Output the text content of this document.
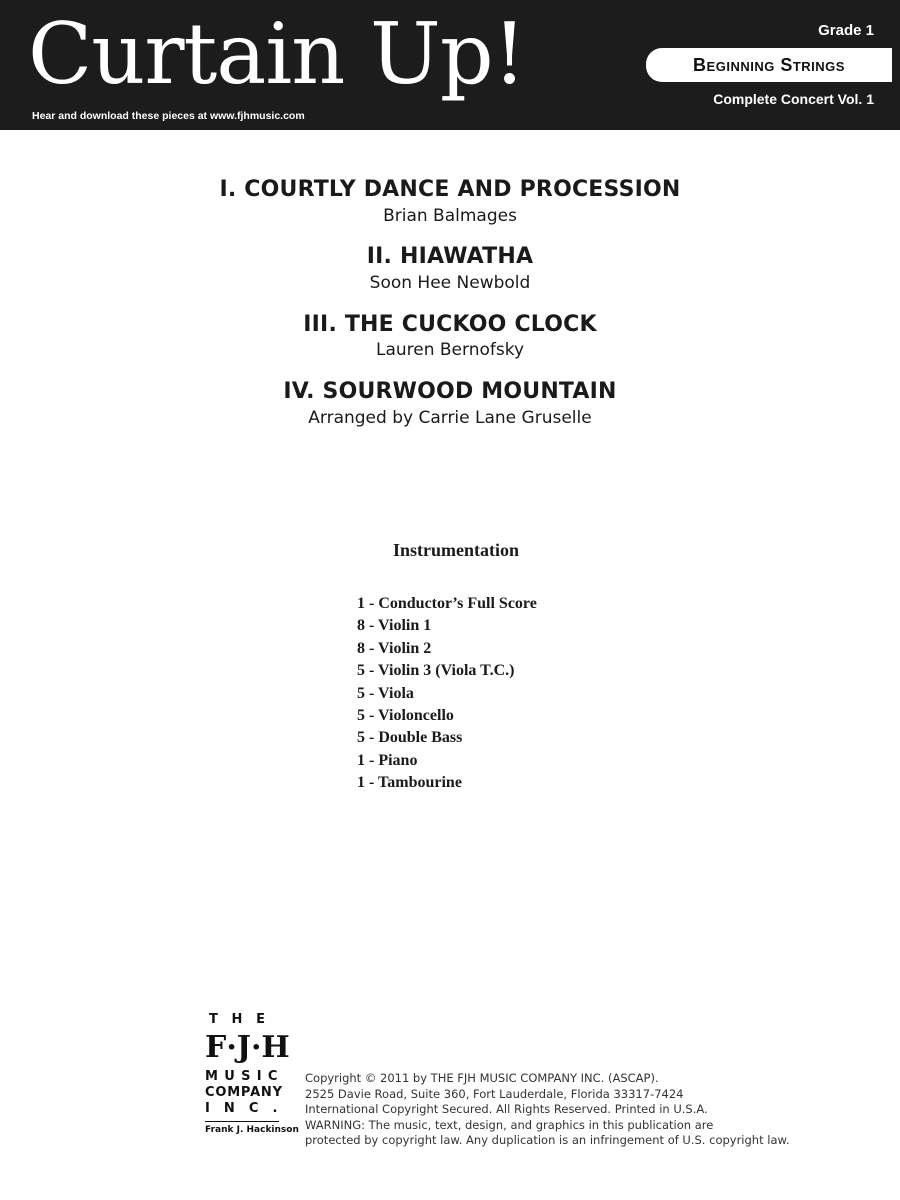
Curtain Up!
Hear and download these pieces at www.fjhmusic.com
Grade 1
Beginning Strings
Complete Concert Vol. 1
I. COURTLY DANCE AND PROCESSION
Brian Balmages
II. HIAWATHA
Soon Hee Newbold
III. THE CUCKOO CLOCK
Lauren Bernofsky
IV. SOURWOOD MOUNTAIN
Arranged by Carrie Lane Gruselle
Instrumentation
1 - Conductor’s Full Score
8 - Violin 1
8 - Violin 2
5 - Violin 3 (Viola T.C.)
5 - Viola
5 - Violoncello
5 - Double Bass
1 - Piano
1 - Tambourine
T H E
F · J · H
M U S I C
COMPANY
I N C .
Frank J. Hackinson
Copyright © 2011 by THE FJH MUSIC COMPANY INC. (ASCAP).
2525 Davie Road, Suite 360, Fort Lauderdale, Florida 33317-7424
International Copyright Secured. All Rights Reserved. Printed in U.S.A.
WARNING: The music, text, design, and graphics in this publication are
protected by copyright law. Any duplication is an infringement of U.S. copyright law.
